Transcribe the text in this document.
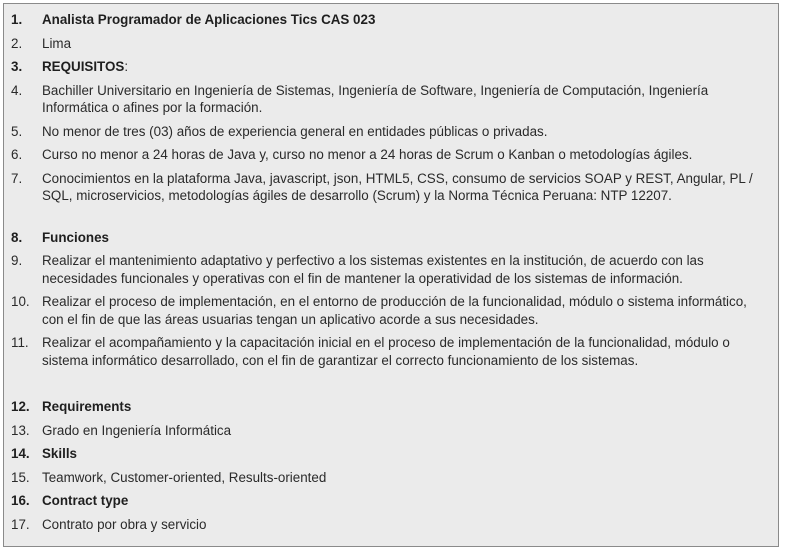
1.	Analista Programador de Aplicaciones Tics CAS 023
2.	Lima
3.	REQUISITOS:
4.	Bachiller Universitario en Ingeniería de Sistemas, Ingeniería de Software, Ingeniería de Computación, Ingeniería Informática o afines por la formación.
5.	No menor de tres (03) años de experiencia general en entidades públicas o privadas.
6.	Curso no menor a 24 horas de Java y, curso no menor a 24 horas de Scrum o Kanban o metodologías ágiles.
7.	Conocimientos en la plataforma Java, javascript, json, HTML5, CSS, consumo de servicios SOAP y REST, Angular, PL / SQL, microservicios, metodologías ágiles de desarrollo (Scrum) y la Norma Técnica Peruana: NTP 12207.
8.	Funciones
9.	Realizar el mantenimiento adaptativo y perfectivo a los sistemas existentes en la institución, de acuerdo con las necesidades funcionales y operativas con el fin de mantener la operatividad de los sistemas de información.
10. Realizar el proceso de implementación, en el entorno de producción de la funcionalidad, módulo o sistema informático, con el fin de que las áreas usuarias tengan un aplicativo acorde a sus necesidades.
11. Realizar el acompañamiento y la capacitación inicial en el proceso de implementación de la funcionalidad, módulo o sistema informático desarrollado, con el fin de garantizar el correcto funcionamiento de los sistemas.
12. Requirements
13. Grado en Ingeniería Informática
14. Skills
15. Teamwork, Customer-oriented, Results-oriented
16. Contract type
17. Contrato por obra y servicio
